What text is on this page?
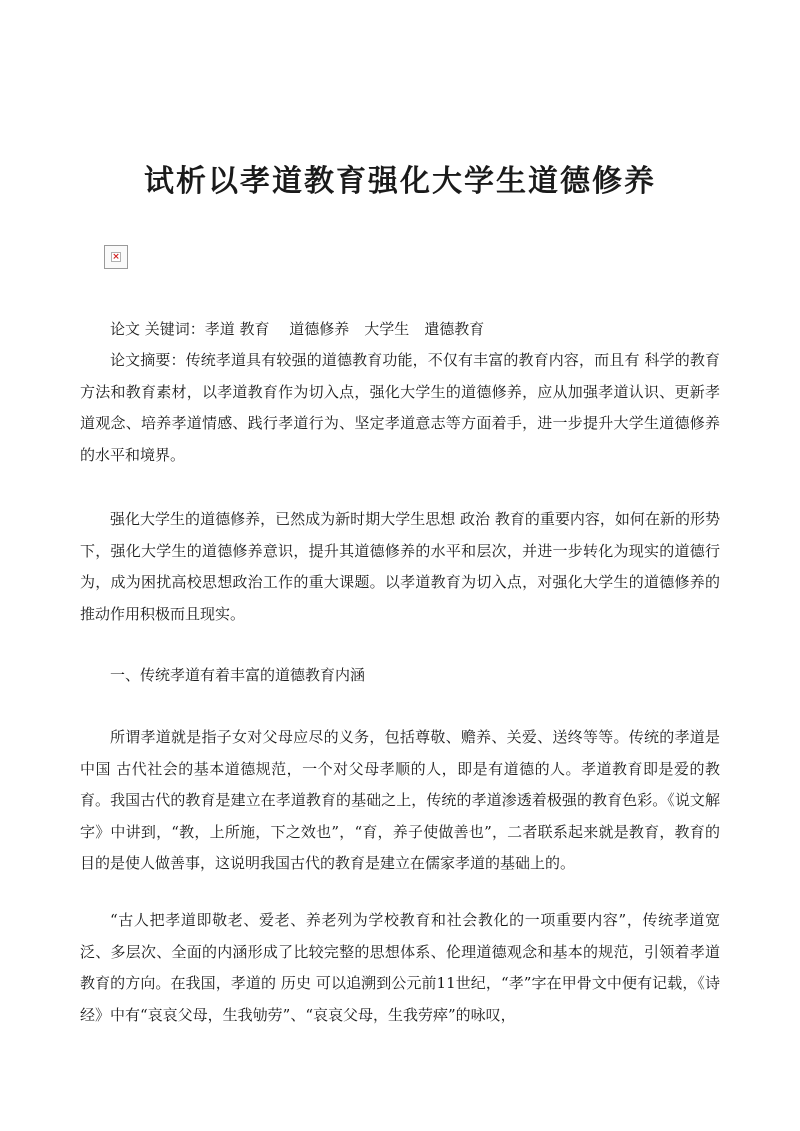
试析以孝道教育强化大学生道德修养
×

论文 关键词：孝道 教育　 道德修养　大学生　遣德教育

论文摘要：传统孝道具有较强的道德教育功能，不仅有丰富的教育内容，而且有 科学的教育方法和教育素材，以孝道教育作为切入点，强化大学生的道德修养，应从加强孝道认识、更新孝道观念、培养孝道情感、践行孝道行为、坚定孝道意志等方面着手，进一步提升大学生道德修养的水平和境界。

强化大学生的道德修养，已然成为新时期大学生思想 政治 教育的重要内容，如何在新的形势下，强化大学生的道德修养意识，提升其道德修养的水平和层次，并进一步转化为现实的道德行为，成为困扰高校思想政治工作的重大课题。以孝道教育为切入点，对强化大学生的道德修养的推动作用积极而且现实。

一、传统孝道有着丰富的道德教育内涵

所谓孝道就是指子女对父母应尽的义务，包括尊敬、赡养、关爱、送终等等。传统的孝道是 中国 古代社会的基本道德规范，一个对父母孝顺的人，即是有道德的人。孝道教育即是爱的教育。我国古代的教育是建立在孝道教育的基础之上，传统的孝道渗透着极强的教育色彩。《说文解字》中讲到，“教，上所施，下之效也”，“育，养子使做善也”，二者联系起来就是教育，教育的目的是使人做善事，这说明我国古代的教育是建立在儒家孝道的基础上的。

“古人把孝道即敬老、爱老、养老列为学校教育和社会教化的一项重要内容”，传统孝道宽泛、多层次、全面的内涵形成了比较完整的思想体系、伦理道德观念和基本的规范，引领着孝道教育的方向。在我国，孝道的 历史 可以追溯到公元前11世纪，“孝”字在甲骨文中便有记载，《诗经》中有“哀哀父母，生我劬劳”、“哀哀父母，生我劳瘁”的咏叹，
